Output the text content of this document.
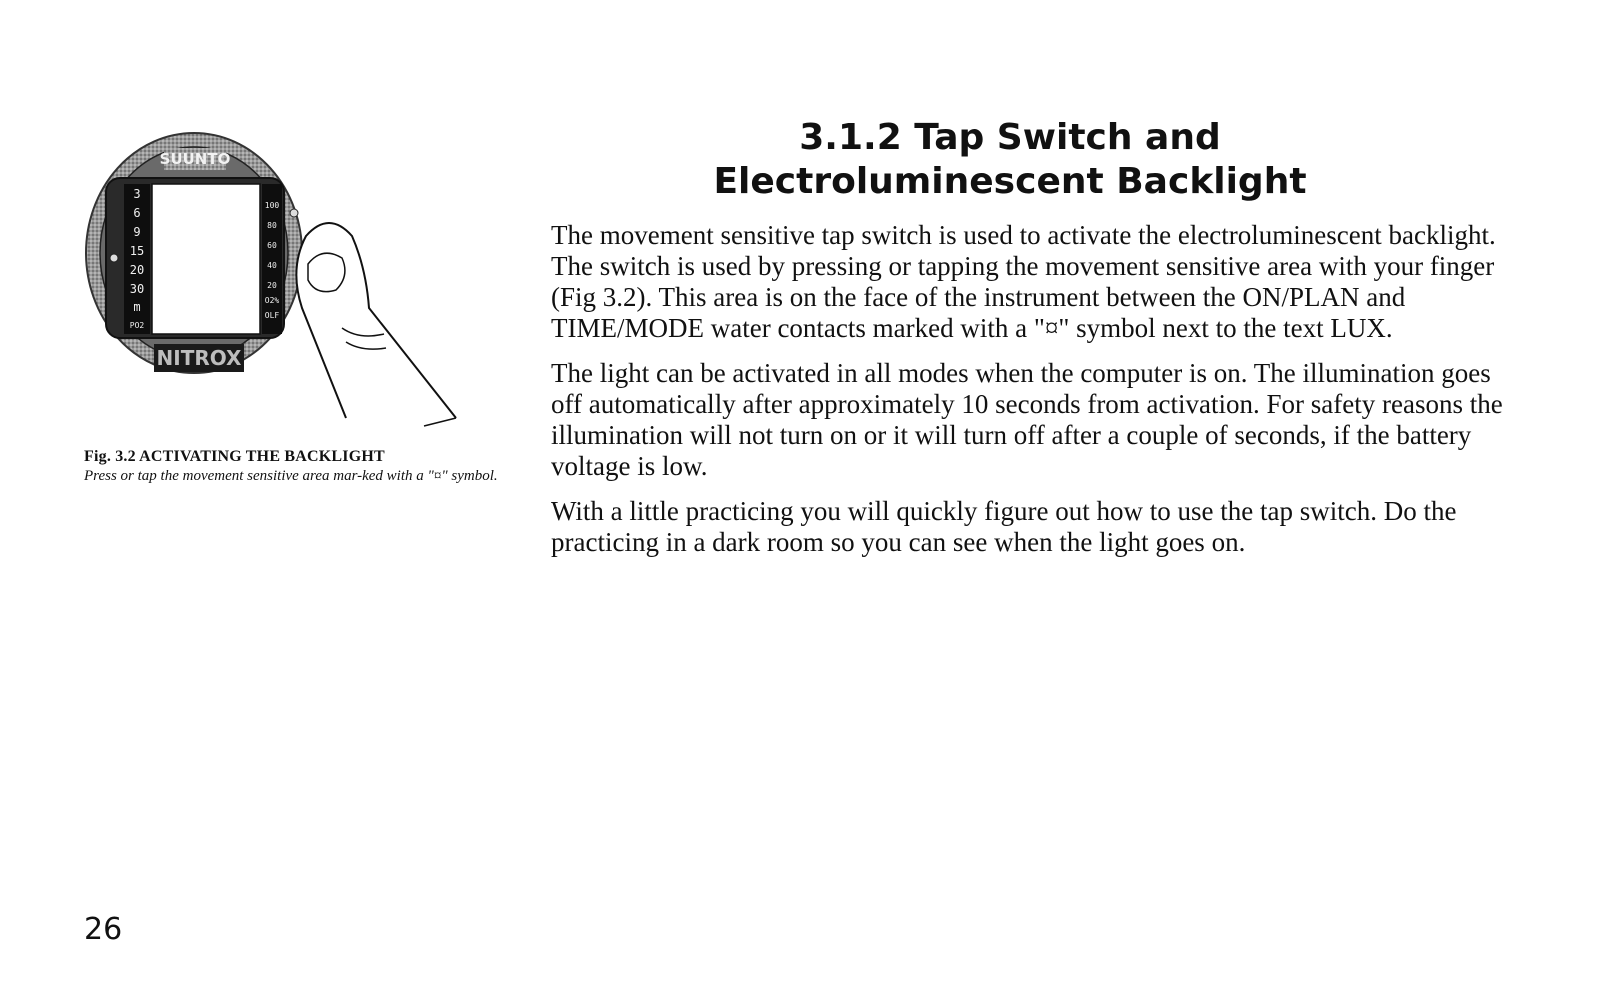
SUUNTO
NITROX
3
6
9
15
20
30
m
PO2
100
80
60
40
20
O2%
OLF

Fig. 3.2 ACTIVATING THE BACKLIGHT

Press or tap the movement sensitive area mar-ked with a "¤" symbol.

3.1.2 Tap Switch and
Electroluminescent Backlight

The movement sensitive tap switch is used to activate the electroluminescent backlight. The switch is used by pressing or tapping the movement sensitive area with your finger (Fig 3.2). This area is on the face of the instrument between the ON/PLAN and TIME/MODE water contacts marked with a "¤" symbol next to the text LUX.

The light can be activated in all modes when the computer is on. The illumination goes off automatically after approximately 10 seconds from activation. For safety reasons the illumination will not turn on or it will turn off after a couple of seconds, if the battery voltage is low.

With a little practicing you will quickly figure out how to use the tap switch. Do the practicing in a dark room so you can see when the light goes on.

26
